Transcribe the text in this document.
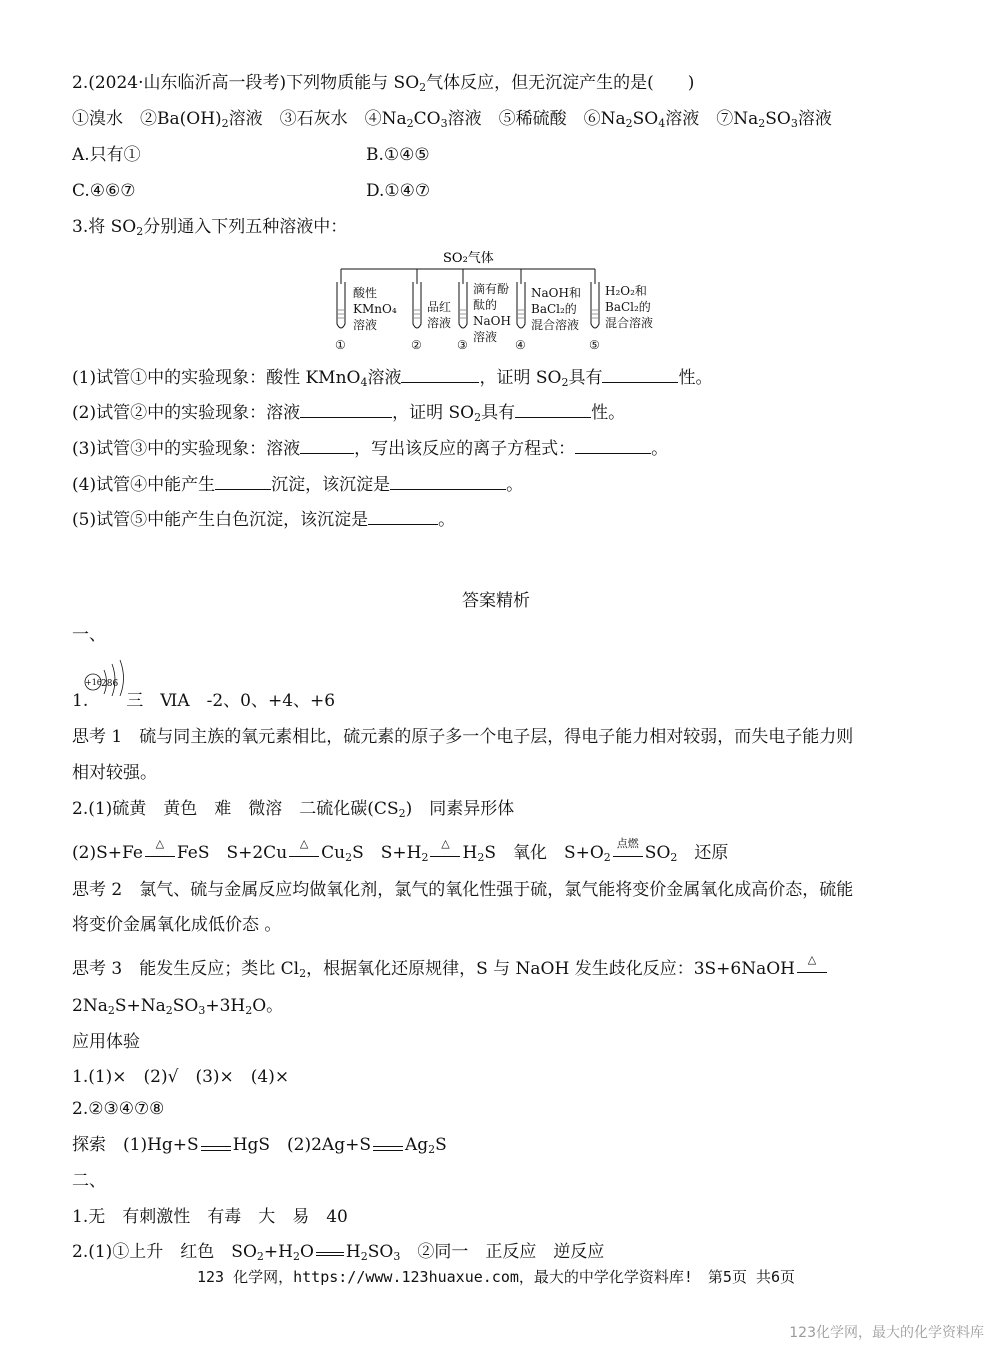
2.(2024·山东临沂高一段考)下列物质能与 $SO_2$气体反应，但无沉淀产生的是(　　)
①溴水　 $②Ba(OH)_2$溶液　 ③石灰水　 $④Na_2CO_3$溶液　 ⑤稀硫酸　 $⑥Na_2SO_4$溶液　 $⑦Na_2SO_3$溶液
A.只有①	B.①④⑤
C.④⑥⑦	D.①④⑦
3.将 $SO_2$分别通入下列五种溶液中：
SO₂气体
酸性
KMnO₄
溶液
品红
溶液
滴有酚
酞的
NaOH
溶液
NaOH和
BaCl₂的
混合溶液
H₂O₂和
BaCl₂的
混合溶液
①	②	③	④	⑤
(1)试管①中的实验现象：酸性 KMnO$_4$溶液	，证明 $SO_2$具有	性。
(2)试管②中的实验现象：溶液	，证明 $SO_2$具有	性。
(3)试管③中的实验现象：溶液	，写出该反应的离子方程式：	。
(4)试管④中能产生	沉淀，该沉淀是	。
(5)试管⑤中能产生白色沉淀，该沉淀是	。
答案精析
一、
+16 286
1. 三　ⅥA　-2、0、+4、+6
思考 1　硫与同主族的氧元素相比，硫元素的原子多一个电子层，得电子能力相对较弱，而失电子能力则
相对较强。
2.(1)硫黄　黄色　难　微溶　二硫化碳$(CS_2)$　同素异形体
(2)S+Fe	△ FeS　S+2Cu	△ $Cu_2S$　$S+H_2$
△ $H_2S$　氧化　$S+O_2$
点燃 $SO_2$　还原
思考 2　氯气、硫与金属反应均做氧化剂，氯气的氧化性强于硫，氯气能将变价金属氧化成高价态，硫能
将变价金属氧化成低价态 。
思考 3　能发生反应；类比 $Cl_2$，根据氧化还原规律，S 与 NaOH 发生歧化反应：3S+6NaOH	△
$2Na_2S+Na_2SO_3+3H_2O$。
应用体验
1.(1)×　(2)√　(3)×　(4)×
2.②③④⑦⑧
探索　(1)Hg+S HgS　(2)2Ag+S $Ag_2S$
二、
1.无　有刺激性　有毒　大　易　40
2.(1)①上升　红色　$SO_2+H_2O$ $H_2SO_3$　②同一　正反应　逆反应
123 化学网，https://www.123huaxue.com，最大的中学化学资料库!　第5页 共6页
123化学网，最大的化学资料库
